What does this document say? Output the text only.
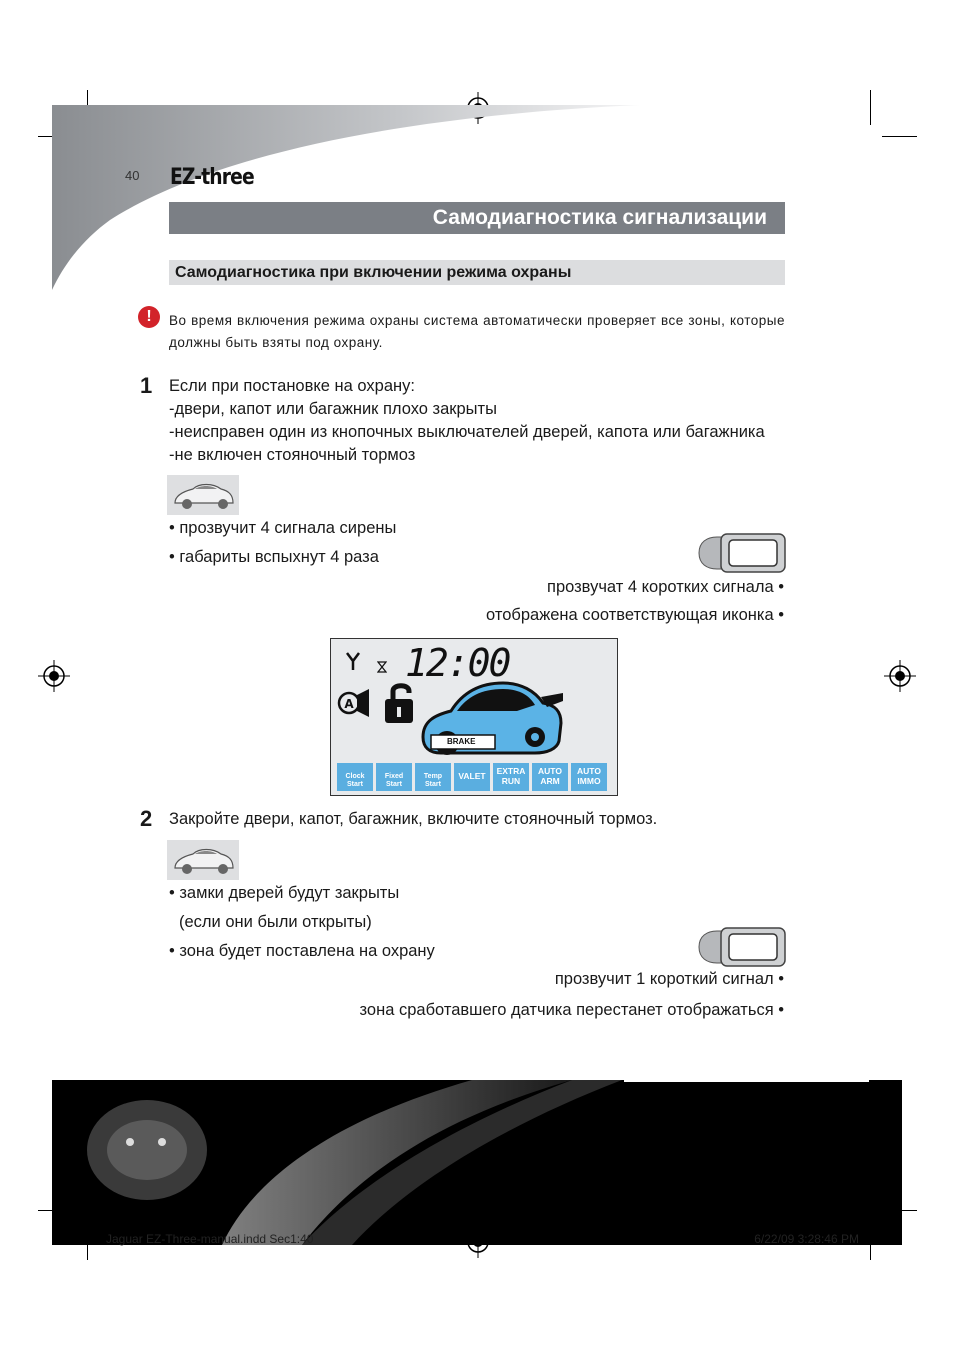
40 EZ-three
Самодиагностика сигнализации
Самодиагностика при включении режима охраны
!	Во время включения режима охраны система автоматически проверяет все зоны, которые должны быть взяты под охрану.
1 Если при постановке на охрану:
-двери, капот или багажник плохо закрыты
-неисправен один из кнопочных выключателей дверей, капота или багажника
-не включен стояночный тормоз
• прозвучит 4 сигнала сирены
• габариты вспыхнут 4 раза
прозвучат 4 коротких сигнала •
отображена соответствующая иконка •
12:00
A
BRAKE
Clock Start
Fixed Start
Temp Start
VALET	EXTRA RUN
AUTO ARM
AUTO IMMO
2 Закройте двери, капот, багажник, включите стояночный тормоз.
• замки дверей будут закрыты
(если они были открыты)
• зона будет поставлена на охрану
прозвучит 1 короткий сигнал •
зона сработавшего датчика перестанет отображаться •
Jaguar EZ-Three-manual.indd Sec1:40	6/22/09 3:28:46 PM
